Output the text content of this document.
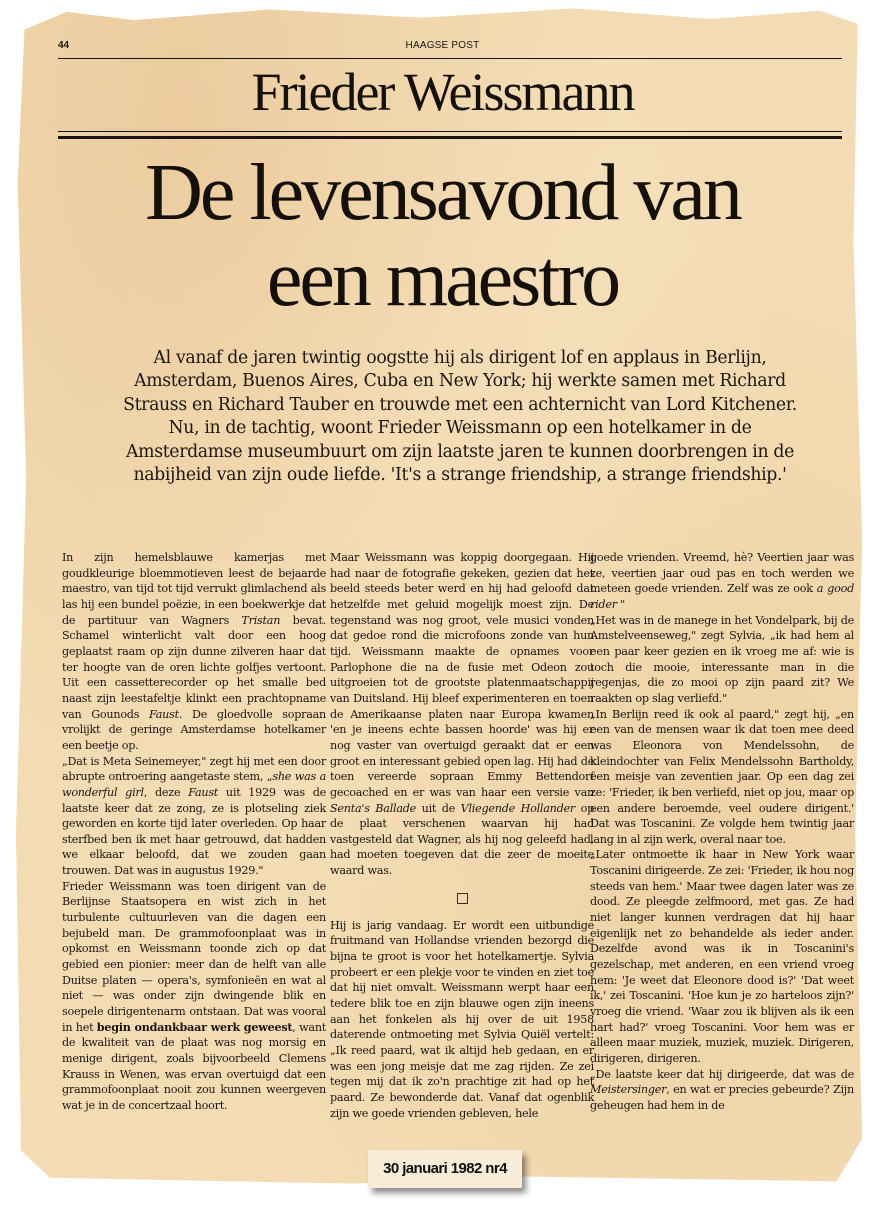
44	HAAGSE POST
Frieder Weissmann
De levensavond van
een maestro
Al vanaf de jaren twintig oogstte hij als dirigent lof en applaus in Berlijn, Amsterdam, Buenos Aires, Cuba en New York; hij werkte samen met Richard Strauss en Richard Tauber en trouwde met een achternicht van Lord Kitchener. Nu, in de tachtig, woont Frieder Weissmann op een hotelkamer in de Amsterdamse museumbuurt om zijn laatste jaren te kunnen doorbrengen in de nabijheid van zijn oude liefde. 'It's a strange friendship, a strange friendship.'

In zijn hemelsblauwe kamerjas met goudkleurige bloemmotieven leest de bejaarde maestro, van tijd tot tijd verrukt glimlachend als las hij een bundel poëzie, in een boekwerkje dat de partituur van Wagners Tristan bevat. Schamel winterlicht valt door een hoog geplaatst raam op zijn dunne zilveren haar dat ter hoogte van de oren lichte golfjes vertoont. Uit een cassetterecorder op het smalle bed naast zijn leestafeltje klinkt een prachtopname van Gounods Faust. De gloedvolle sopraan vrolijkt de geringe Amsterdamse hotelkamer een beetje op.

„Dat is Meta Seinemeyer," zegt hij met een door abrupte ontroering aangetaste stem, „she was a wonderful girl, deze Faust uit 1929 was de laatste keer dat ze zong, ze is plotseling ziek geworden en korte tijd later overleden. Op haar sterfbed ben ik met haar getrouwd, dat hadden we elkaar beloofd, dat we zouden gaan trouwen. Dat was in augustus 1929."

Frieder Weissmann was toen dirigent van de Berlijnse Staatsopera en wist zich in het turbulente cultuurleven van die dagen een bejubeld man. De grammofoonplaat was in opkomst en Weissmann toonde zich op dat gebied een pionier: meer dan de helft van alle Duitse platen — opera's, symfonieën en wat al niet — was onder zijn dwingende blik en soepele dirigentenarm ontstaan. Dat was vooral in het begin ondankbaar werk geweest, want de kwaliteit van de plaat was nog morsig en menige dirigent, zoals bijvoorbeeld Clemens Krauss in Wenen, was ervan overtuigd dat een grammofoonplaat nooit zou kunnen weergeven wat je in de concertzaal hoort.

Maar Weissmann was koppig doorgegaan. Hij had naar de fotografie gekeken, gezien dat het beeld steeds beter werd en hij had geloofd dat hetzelfde met geluid mogelijk moest zijn. De tegenstand was nog groot, vele musici vonden dat gedoe rond die microfoons zonde van hun tijd. Weissmann maakte de opnames voor Parlophone die na de fusie met Odeon zou uitgroeien tot de grootste platenmaatschappij van Duitsland. Hij bleef experimenteren en toen de Amerikaanse platen naar Europa kwamen 'en je ineens echte bassen hoorde' was hij er nog vaster van overtuigd geraakt dat er een groot en interessant gebied open lag. Hij had de toen vereerde sopraan Emmy Bettendorf gecoached en er was van haar een versie van Senta's Ballade uit de Vliegende Hollander op de plaat verschenen waarvan hij had vastgesteld dat Wagner, als hij nog geleefd had, had moeten toegeven dat die zeer de moeite waard was.

Hij is jarig vandaag. Er wordt een uitbundige fruitmand van Hollandse vrienden bezorgd die bijna te groot is voor het hotelkamertje. Sylvia probeert er een plekje voor te vinden en ziet toe dat hij niet omvalt. Weissmann werpt haar een tedere blik toe en zijn blauwe ogen zijn ineens aan het fonkelen als hij over de uit 1958 daterende ontmoeting met Sylvia Quiël vertelt: „Ik reed paard, wat ik altijd heb gedaan, en er was een jong meisje dat me zag rijden. Ze zei tegen mij dat ik zo'n prachtige zit had op het paard. Ze bewonderde dat. Vanaf dat ogenblik zijn we goede vrienden gebleven, hele

goede vrienden. Vreemd, hè? Veertien jaar was ze, veertien jaar oud pas en toch werden we meteen goede vrienden. Zelf was ze ook a good rider "

„Het was in de manege in het Vondelpark, bij de Amstelveenseweg," zegt Sylvia, „ik had hem al een paar keer gezien en ik vroeg me af: wie is toch die mooie, interessante man in die regenjas, die zo mooi op zijn paard zit? We raakten op slag verliefd."

„In Berlijn reed ik ook al paard," zegt hij, „en een van de mensen waar ik dat toen mee deed was Eleonora von Mendelssohn, de kleindochter van Felix Mendelssohn Bartholdy, een meisje van zeventien jaar. Op een dag zei ze: 'Frieder, ik ben verliefd, niet op jou, maar op een andere beroemde, veel oudere dirigent.' Dat was Toscanini. Ze volgde hem twintig jaar lang in al zijn werk, overal naar toe.

„Later ontmoette ik haar in New York waar Toscanini dirigeerde. Ze zei: 'Frieder, ik hou nog steeds van hem.' Maar twee dagen later was ze dood. Ze pleegde zelfmoord, met gas. Ze had niet langer kunnen verdragen dat hij haar eigenlijk net zo behandelde als ieder ander. Dezelfde avond was ik in Toscanini's gezelschap, met anderen, en een vriend vroeg hem: 'Je weet dat Eleonore dood is?' 'Dat weet ik,' zei Toscanini. 'Hoe kun je zo harteloos zijn?' vroeg die vriend. 'Waar zou ik blijven als ik een hart had?' vroeg Toscanini. Voor hem was er alleen maar muziek, muziek, muziek. Dirigeren, dirigeren, dirigeren.

„De laatste keer dat hij dirigeerde, dat was de Meistersinger, en wat er precies gebeurde? Zijn geheugen had hem in de

30 januari 1982 nr4
